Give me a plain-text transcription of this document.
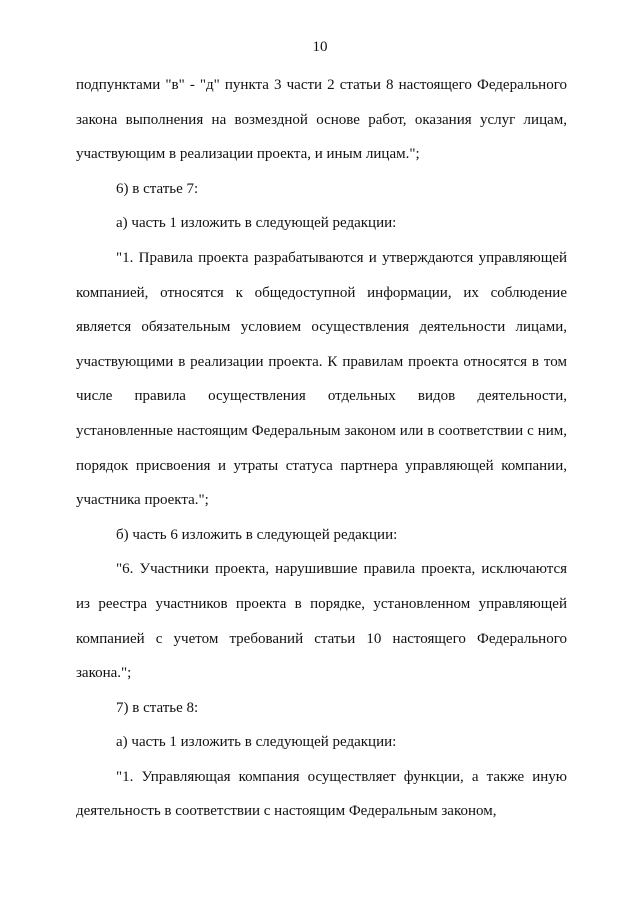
10

подпунктами "в" - "д" пункта 3 части 2 статьи 8 настоящего Федерального закона выполнения на возмездной основе работ, оказания услуг лицам, участвующим в реализации проекта, и иным лицам.";

6) в статье 7:

а) часть 1 изложить в следующей редакции:

"1. Правила проекта разрабатываются и утверждаются управляющей компанией, относятся к общедоступной информации, их соблюдение является обязательным условием осуществления деятельности лицами, участвующими в реализации проекта. К правилам проекта относятся в том числе правила осуществления отдельных видов деятельности, установленные настоящим Федеральным законом или в соответствии с ним, порядок присвоения и утраты статуса партнера управляющей компании, участника проекта.";

б) часть 6 изложить в следующей редакции:

"6. Участники проекта, нарушившие правила проекта, исключаются из реестра участников проекта в порядке, установленном управляющей компанией с учетом требований статьи 10 настоящего Федерального закона.";

7) в статье 8:

а) часть 1 изложить в следующей редакции:

"1. Управляющая компания осуществляет функции, а также иную деятельность в соответствии с настоящим Федеральным законом,
